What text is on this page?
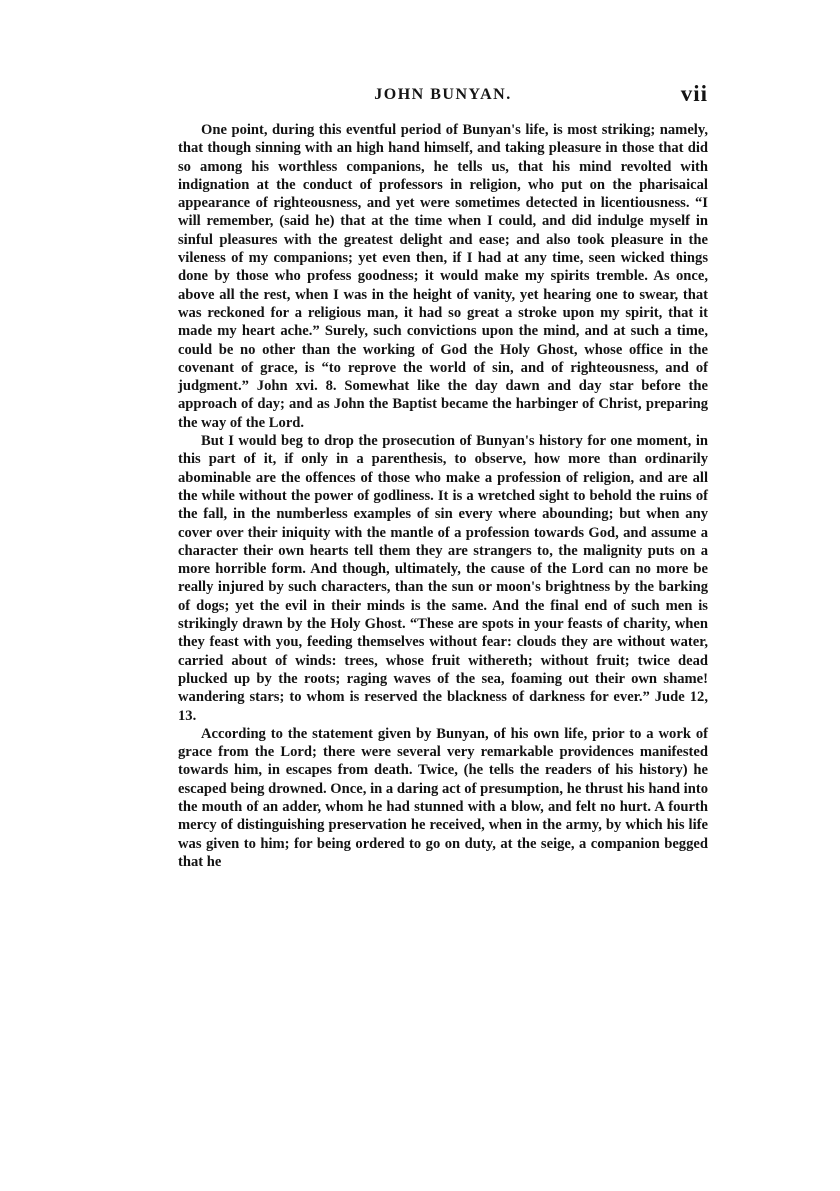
JOHN BUNYAN.	vii

One point, during this eventful period of Bunyan's life, is most striking; namely, that though sinning with an high hand himself, and taking pleasure in those that did so among his worthless companions, he tells us, that his mind revolted with indignation at the conduct of professors in religion, who put on the pharisaical appearance of righteousness, and yet were sometimes detected in licentiousness. “I will remember, (said he) that at the time when I could, and did indulge myself in sinful pleasures with the greatest delight and ease; and also took pleasure in the vileness of my companions; yet even then, if I had at any time, seen wicked things done by those who profess goodness; it would make my spirits tremble. As once, above all the rest, when I was in the height of vanity, yet hearing one to swear, that was reckoned for a religious man, it had so great a stroke upon my spirit, that it made my heart ache.” Surely, such convictions upon the mind, and at such a time, could be no other than the working of God the Holy Ghost, whose office in the covenant of grace, is “to reprove the world of sin, and of righteousness, and of judgment.” John xvi. 8. Somewhat like the day dawn and day star before the approach of day; and as John the Baptist became the harbinger of Christ, preparing the way of the Lord.

But I would beg to drop the prosecution of Bunyan's history for one moment, in this part of it, if only in a parenthesis, to observe, how more than ordinarily abominable are the offences of those who make a profession of religion, and are all the while without the power of godliness. It is a wretched sight to behold the ruins of the fall, in the numberless examples of sin every where abounding; but when any cover over their iniquity with the mantle of a profession towards God, and assume a character their own hearts tell them they are strangers to, the malignity puts on a more horrible form. And though, ultimately, the cause of the Lord can no more be really injured by such characters, than the sun or moon's brightness by the barking of dogs; yet the evil in their minds is the same. And the final end of such men is strikingly drawn by the Holy Ghost. “These are spots in your feasts of charity, when they feast with you, feeding themselves without fear: clouds they are without water, carried about of winds: trees, whose fruit withereth; without fruit; twice dead plucked up by the roots; raging waves of the sea, foaming out their own shame! wandering stars; to whom is reserved the blackness of darkness for ever.” Jude 12, 13.

According to the statement given by Bunyan, of his own life, prior to a work of grace from the Lord; there were several very remarkable providences manifested towards him, in escapes from death. Twice, (he tells the readers of his history) he escaped being drowned. Once, in a daring act of presumption, he thrust his hand into the mouth of an adder, whom he had stunned with a blow, and felt no hurt. A fourth mercy of distinguishing preservation he received, when in the army, by which his life was given to him; for being ordered to go on duty, at the seige, a companion begged that he
